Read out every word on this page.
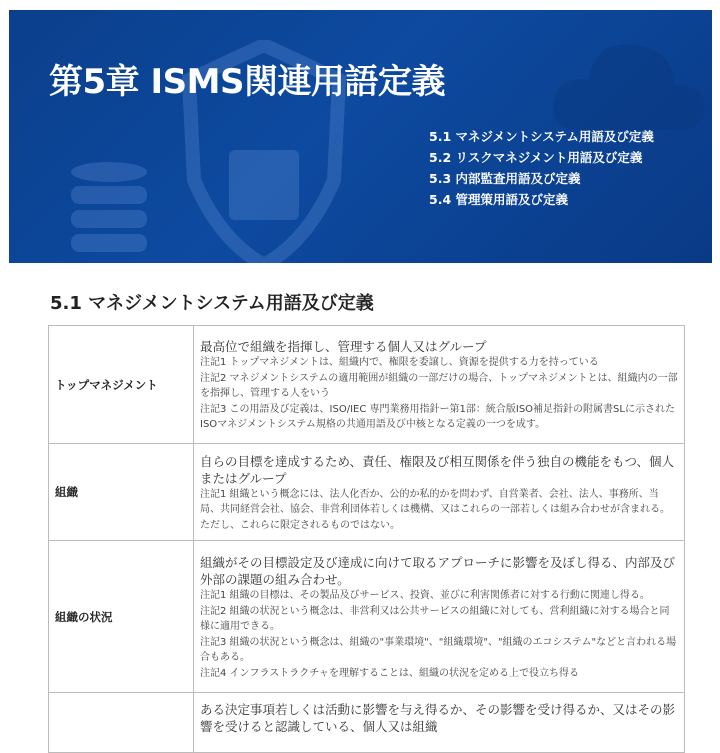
第5章 ISMS関連用語定義
5.1 マネジメントシステム用語及び定義
5.2 リスクマネジメント用語及び定義
5.3 内部監査用語及び定義
5.4 管理策用語及び定義
5.1 マネジメントシステム用語及び定義
トップマネジメント	最高位で組織を指揮し、管理する個人又はグループ
注記1 トップマネジメントは、組織内で、権限を委譲し、資源を提供する力を持っている
注記2 マネジメントシステムの適用範囲が組織の一部だけの場合、トップマネジメントとは、組織内の一部を指揮し、管理する人をいう
注記3 この用語及び定義は、ISO/IEC 専門業務用指針ー第1部：統合版ISO補足指針の附属書SLに示されたISOマネジメントシステム規格の共通用語及び中核となる定義の一つを成す。

組織	自らの目標を達成するため、責任、権限及び相互関係を伴う独自の機能をもつ、個人またはグループ
注記1 組織という概念には、法人化否か、公的か私的かを問わず、自営業者、会社、法人、事務所、当局、共同経営会社、協会、非営利団体若しくは機構、又はこれらの一部若しくは組み合わせが含まれる。ただし、これらに限定されるものではない。

組織の状況	組織がその目標設定及び達成に向けて取るアプローチに影響を及ぼし得る、内部及び外部の課題の組み合わせ。
注記1 組織の目標は、その製品及びサービス、投資、並びに利害関係者に対する行動に関連し得る。
注記2 組織の状況という概念は、非営利又は公共サービスの組織に対しても、営利組織に対する場合と同様に適用できる。
注記3 組織の状況という概念は、組織の"事業環境"、"組織環境"、"組織のエコシステム"などと言われる場合もある。
注記4 インフラストラクチャを理解することは、組織の状況を定める上で役立ち得る

	ある決定事項若しくは活動に影響を与え得るか、その影響を受け得るか、又はその影響を受けると認識している、個人又は組織
